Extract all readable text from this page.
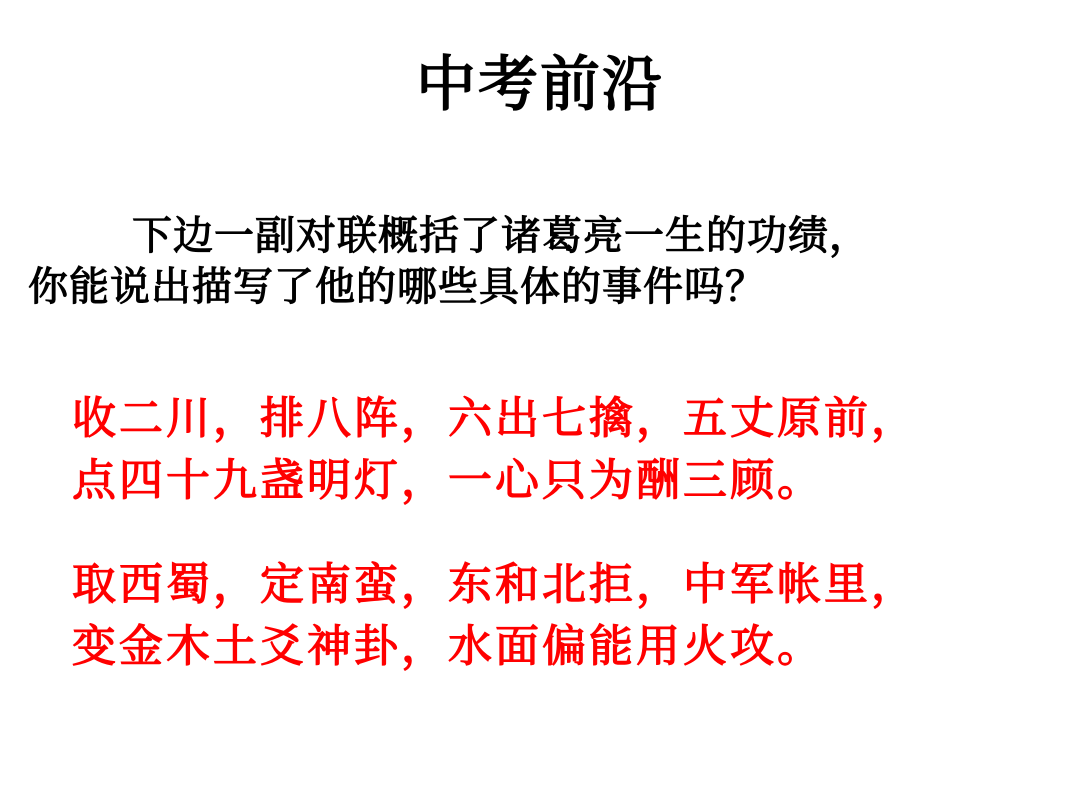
中考前沿
下边一副对联概括了诸葛亮一生的功绩，
你能说出描写了他的哪些具体的事件吗？
收二川，排八阵，六出七擒，五丈原前，
点四十九盏明灯，一心只为酬三顾。
取西蜀，定南蛮，东和北拒，中军帐里，
变金木土爻神卦，水面偏能用火攻。
